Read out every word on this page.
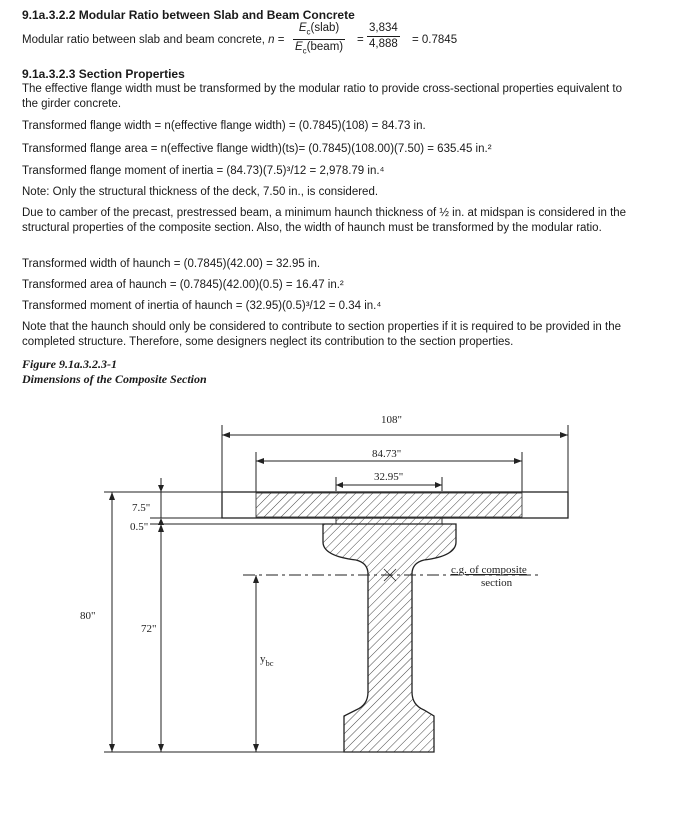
9.1a.3.2.2 Modular Ratio between Slab and Beam Concrete
Modular ratio between slab and beam concrete, n =
$E_c(slab)$
$E_c(beam)$
= $\frac{3,834}{4,888} = 0.7845$
9.1a.3.2.3 Section Properties
The effective flange width must be transformed by the modular ratio to provide cross-sectional properties equivalent to the girder concrete.
Transformed flange width = n(effective flange width) = (0.7845)(108) = 84.73 in.
Transformed flange area = n(effective flange width)(ts)= (0.7845)(108.00)(7.50) = 635.45 in.²
Transformed flange moment of inertia = (84.73)(7.5)³/12 = 2,978.79 in.⁴
Note: Only the structural thickness of the deck, 7.50 in., is considered.
Due to camber of the precast, prestressed beam, a minimum haunch thickness of ½ in. at midspan is considered in the structural properties of the composite section. Also, the width of haunch must be transformed by the modular ratio.
Transformed width of haunch = (0.7845)(42.00) = 32.95 in.
Transformed area of haunch = (0.7845)(42.00)(0.5) = 16.47 in.²
Transformed moment of inertia of haunch = (32.95)(0.5)³/12 = 0.34 in.⁴
Note that the haunch should only be considered to contribute to section properties if it is required to be provided in the completed structure. Therefore, some designers neglect its contribution to the section properties.
Figure 9.1a.3.2.3-1
Dimensions of the Composite Section
108"
84.73"
32.95"
80"
7.5"
0.5"
72"
c.g. of composite
section
$y_{bc}$
